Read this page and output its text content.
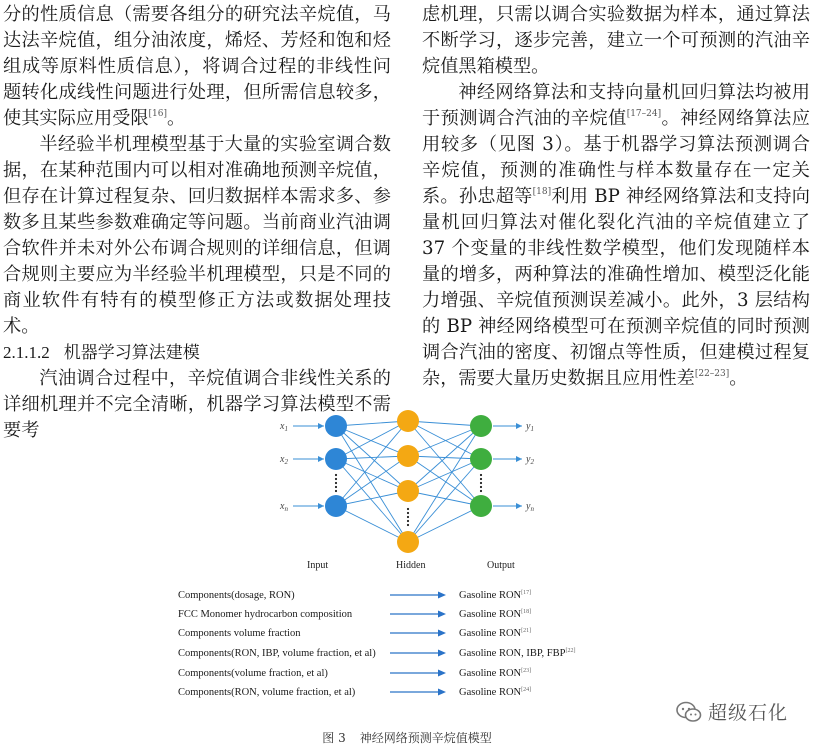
分的性质信息（需要各组分的研究法辛烷值，马达法辛烷值，组分油浓度，烯烃、芳烃和饱和烃组成等原料性质信息），将调合过程的非线性问题转化成线性问题进行处理，但所需信息较多，使其实际应用受限[16]。

半经验半机理模型基于大量的实验室调合数据，在某种范围内可以相对准确地预测辛烷值，但存在计算过程复杂、回归数据样本需求多、参数多且某些参数难确定等问题。当前商业汽油调合软件并未对外公布调合规则的详细信息，但调合规则主要应为半经验半机理模型，只是不同的商业软件有特有的模型修正方法或数据处理技术。

2.1.1.2 机器学习算法建模

汽油调合过程中，辛烷值调合非线性关系的详细机理并不完全清晰，机器学习算法模型不需要考

虑机理，只需以调合实验数据为样本，通过算法不断学习，逐步完善，建立一个可预测的汽油辛烷值黑箱模型。

神经网络算法和支持向量机回归算法均被用于预测调合汽油的辛烷值[17–24]。神经网络算法应用较多（见图 3）。基于机器学习算法预测调合辛烷值，预测的准确性与样本数量存在一定关系。孙忠超等[18]利用 BP 神经网络算法和支持向量机回归算法对催化裂化汽油的辛烷值建立了 37 个变量的非线性数学模型，他们发现随样本量的增多，两种算法的准确性增加、模型泛化能力增强、辛烷值预测误差减小。此外，3 层结构的 BP 神经网络模型可在预测辛烷值的同时预测调合汽油的密度、初馏点等性质，但建模过程复杂，需要大量历史数据且应用性差[22–23]。

$x_1$
$x_2$
$x_n$
$y_1$
$y_2$
$y_n$
Components(dosage, RON)	Gasoline RON[17]
FCC Monomer hydrocarbon composition	Gasoline RON[18]
Components volume fraction	Gasoline RON[21]
Components(RON, IBP, volume fraction, et al)	Gasoline RON, IBP, FBP[22]
Components(volume fraction, et al)	Gasoline RON[23]
Components(RON, volume fraction, et al)	Gasoline RON[24]
Input	Hidden	Output
图 3 神经网络预测辛烷值模型
超级石化
